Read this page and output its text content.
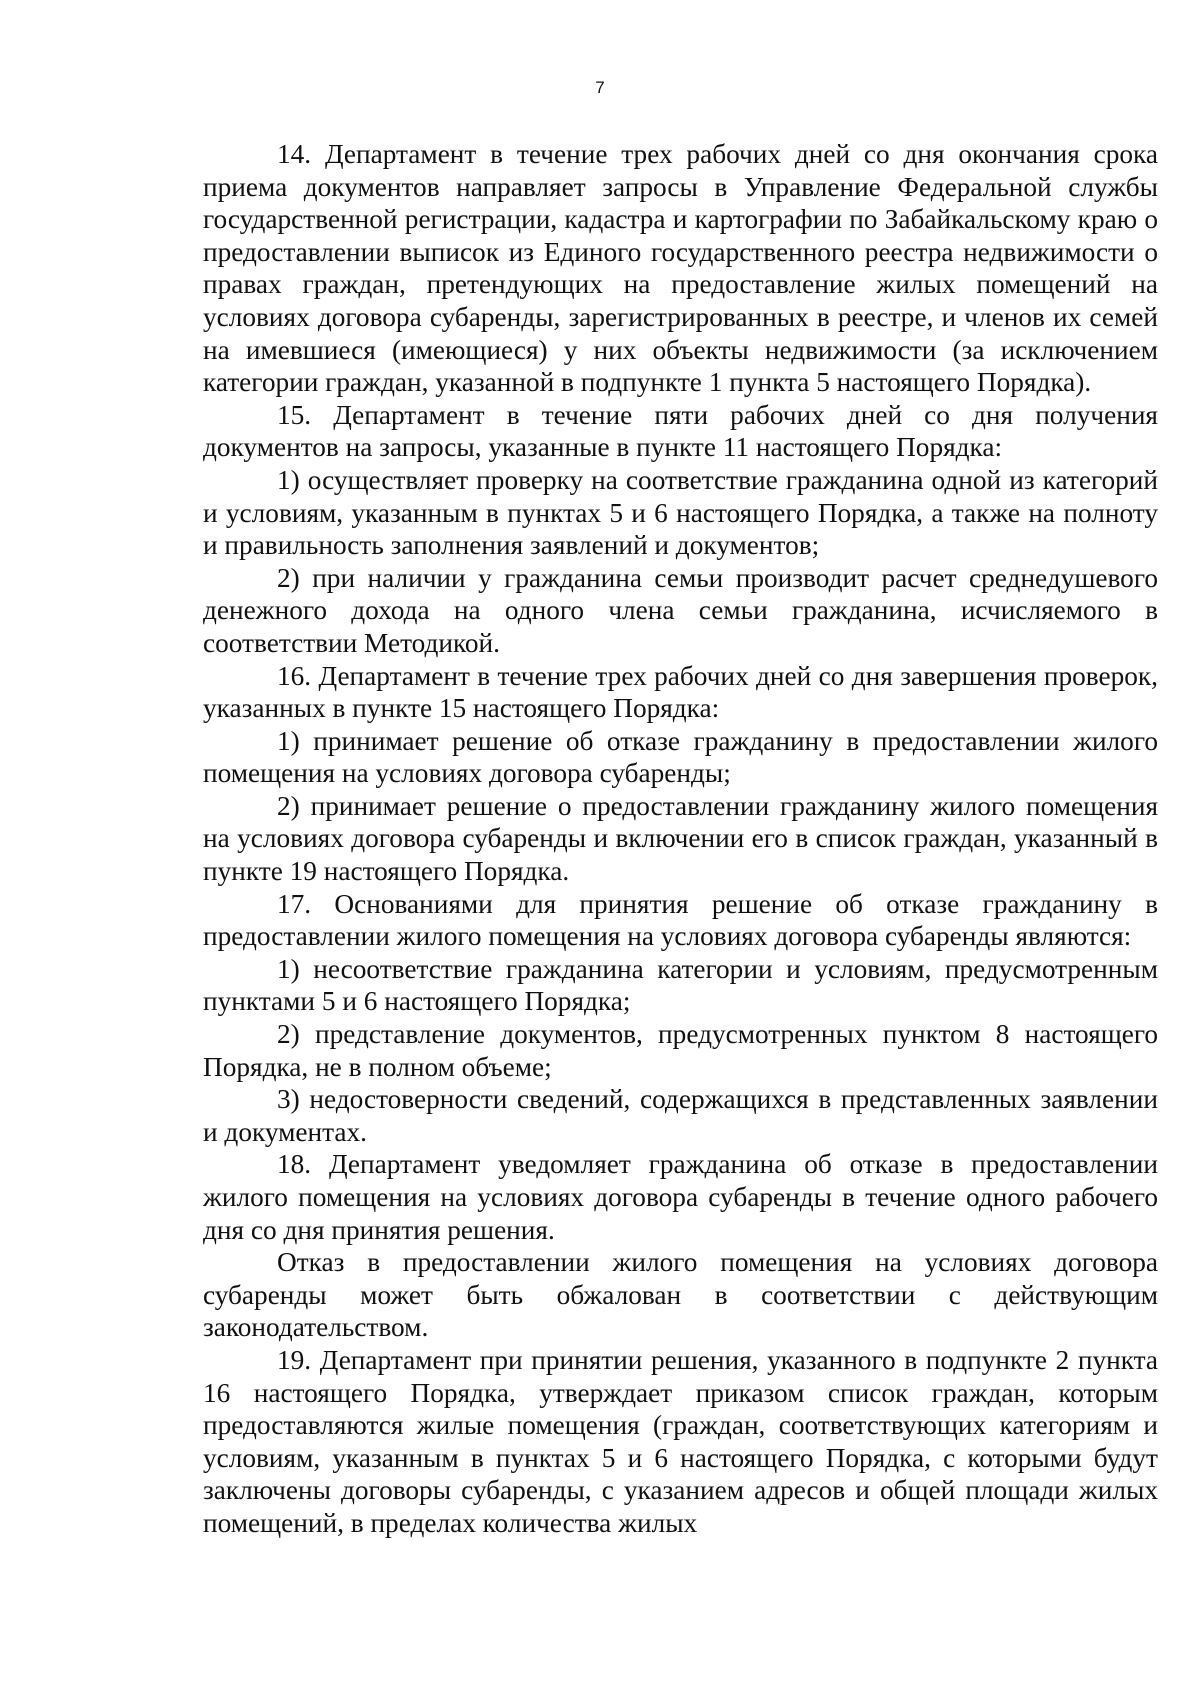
7

14. Департамент в течение трех рабочих дней со дня окончания срока приема документов направляет запросы в Управление Федеральной службы государственной регистрации, кадастра и картографии по Забайкальскому краю о предоставлении выписок из Единого государственного реестра недвижимости о правах граждан, претендующих на предоставление жилых помещений на условиях договора субаренды, зарегистрированных в реестре, и членов их семей на имевшиеся (имеющиеся) у них объекты недвижимости (за исключением категории граждан, указанной в подпункте 1 пункта 5 настоящего Порядка).

15. Департамент в течение пяти рабочих дней со дня получения документов на запросы, указанные в пункте 11 настоящего Порядка:

1) осуществляет проверку на соответствие гражданина одной из категорий и условиям, указанным в пунктах 5 и 6 настоящего Порядка, а также на полноту и правильность заполнения заявлений и документов;

2) при наличии у гражданина семьи производит расчет среднедушевого денежного дохода на одного члена семьи гражданина, исчисляемого в соответствии Методикой.

16. Департамент в течение трех рабочих дней со дня завершения проверок, указанных в пункте 15 настоящего Порядка:

1) принимает решение об отказе гражданину в предоставлении жилого помещения на условиях договора субаренды;

2) принимает решение о предоставлении гражданину жилого помещения на условиях договора субаренды и включении его в список граждан, указанный в пункте 19 настоящего Порядка.

17. Основаниями для принятия решение об отказе гражданину в предоставлении жилого помещения на условиях договора субаренды являются:

1) несоответствие гражданина категории и условиям, предусмотренным пунктами 5 и 6 настоящего Порядка;

2) представление документов, предусмотренных пунктом 8 настоящего Порядка, не в полном объеме;

3) недостоверности сведений, содержащихся в представленных заявлении и документах.

18. Департамент уведомляет гражданина об отказе в предоставлении жилого помещения на условиях договора субаренды в течение одного рабочего дня со дня принятия решения.

Отказ в предоставлении жилого помещения на условиях договора субаренды может быть обжалован в соответствии с действующим законодательством.

19. Департамент при принятии решения, указанного в подпункте 2 пункта 16 настоящего Порядка, утверждает приказом список граждан, которым предоставляются жилые помещения (граждан, соответствующих категориям и условиям, указанным в пунктах 5 и 6 настоящего Порядка, с которыми будут заключены договоры субаренды, с указанием адресов и общей площади жилых помещений, в пределах количества жилых
